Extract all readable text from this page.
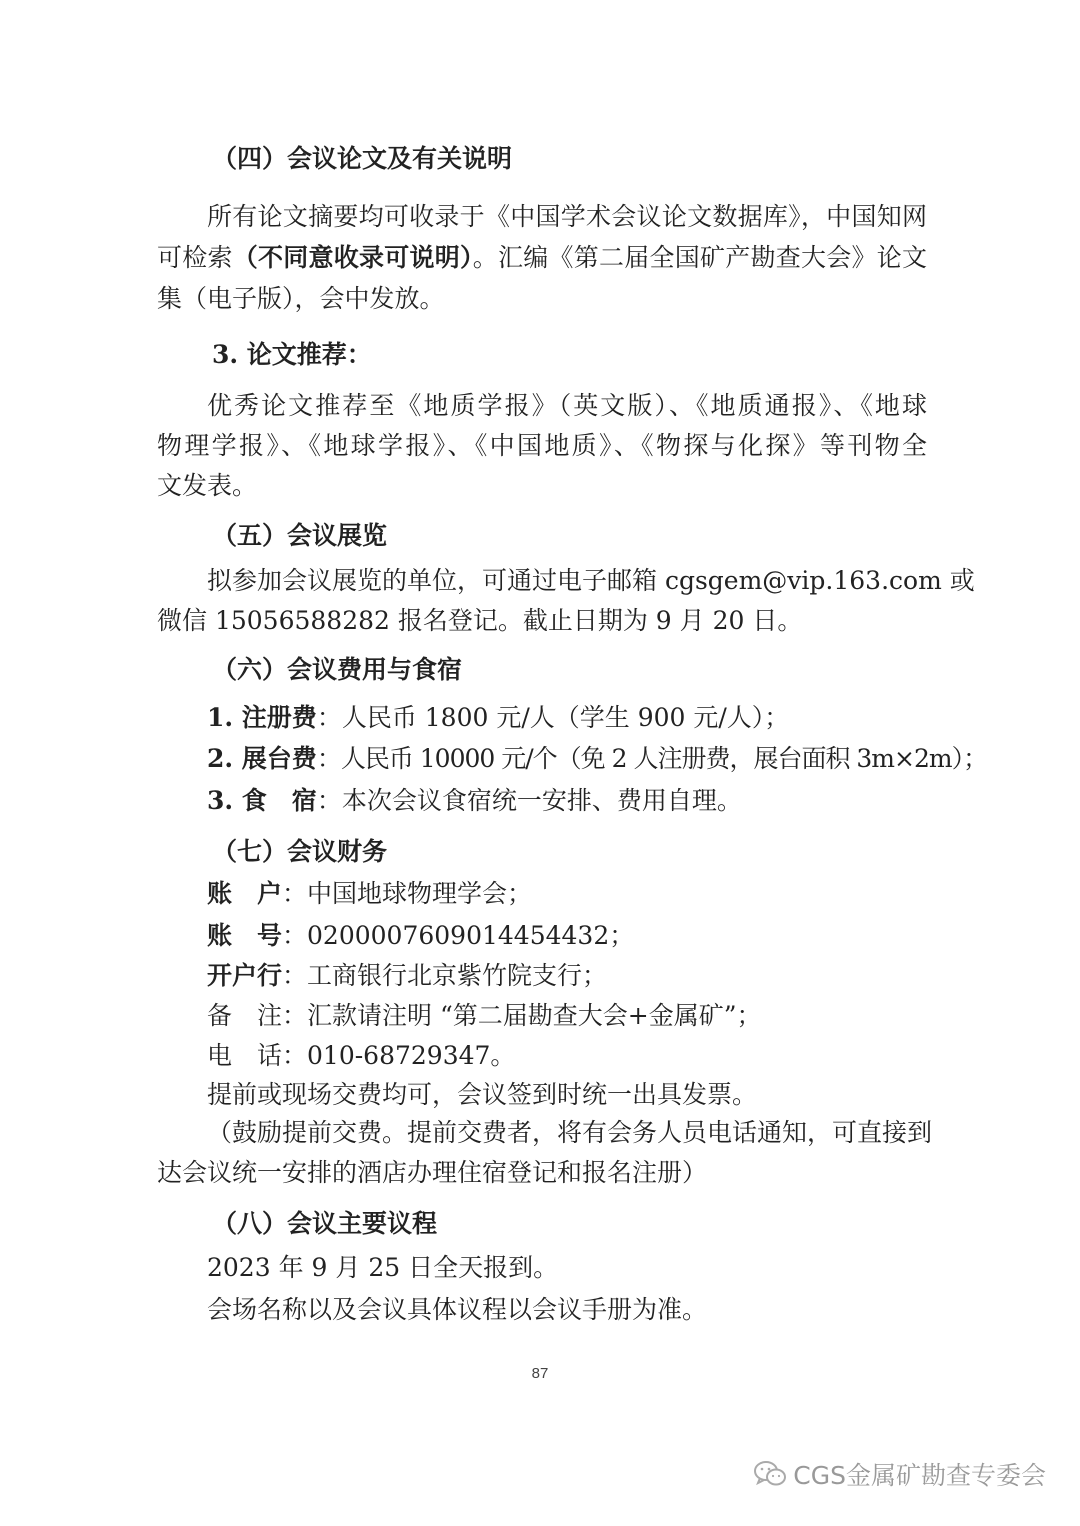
（四）会议论文及有关说明
所有论文摘要均可收录于《中国学术会议论文数据库》，中国知网
可检索（不同意收录可说明）。汇编《第二届全国矿产勘查大会》论文
集（电子版），会中发放。
3. 论文推荐：
优秀论文推荐至《地质学报》（英文版）、《地质通报》、《地球
物理学报》、《地球学报》、《中国地质》、《物探与化探》等刊物全
文发表。
（五）会议展览
拟参加会议展览的单位，可通过电子邮箱 cgsgem@vip.163.com 或
微信 15056588282 报名登记。截止日期为 9 月 20 日。
（六）会议费用与食宿
1. 注册费：人民币 1800 元/人（学生 900 元/人）；
2. 展台费：人民币 10000 元/个（免 2 人注册费，展台面积 3m×2m）；
3. 食　宿：本次会议食宿统一安排、费用自理。
（七）会议财务
账　户：中国地球物理学会；
账　号：0200007609014454432；
开户行：工商银行北京紫竹院支行；
备　注：汇款请注明 “第二届勘查大会+金属矿”；
电　话：010-68729347。
提前或现场交费均可，会议签到时统一出具发票。
（鼓励提前交费。提前交费者，将有会务人员电话通知，可直接到
达会议统一安排的酒店办理住宿登记和报名注册）
（八）会议主要议程
2023 年 9 月 25 日全天报到。
会场名称以及会议具体议程以会议手册为准。
87
CGS金属矿勘查专委会
